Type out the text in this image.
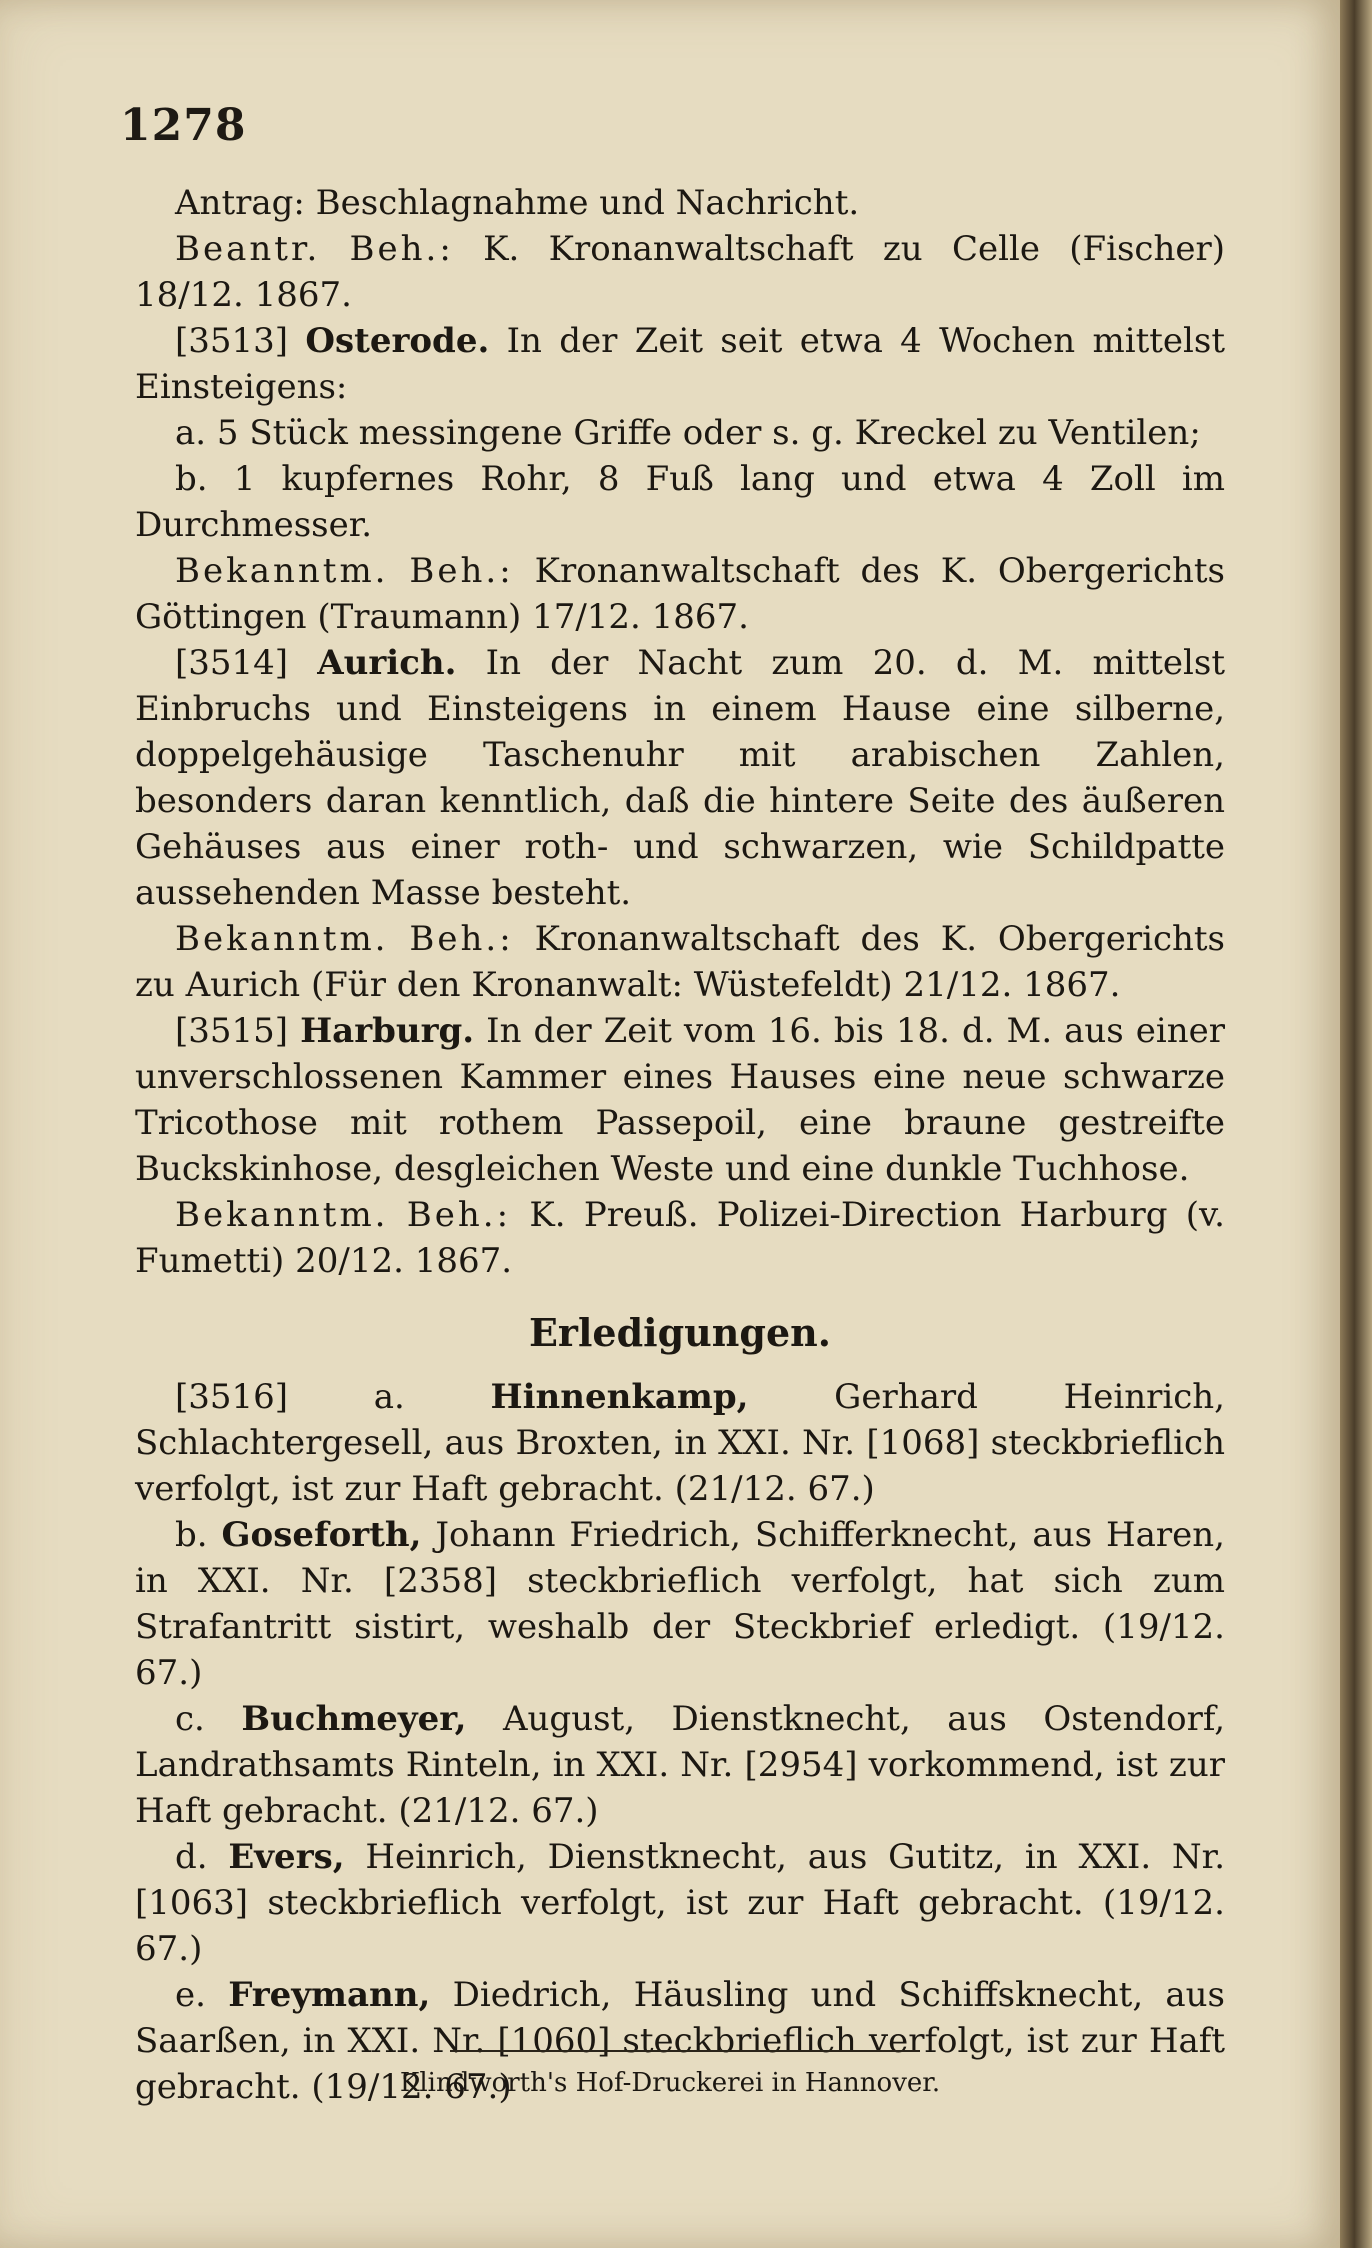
1278

Antrag: Beschlagnahme und Nachricht.

Beantr. Beh.: K. Kronanwaltschaft zu Celle (Fischer) 18/12. 1867.

[3513] Osterode. In der Zeit seit etwa 4 Wochen mittelst Einsteigens:

a. 5 Stück messingene Griffe oder s. g. Kreckel zu Ventilen;

b. 1 kupfernes Rohr, 8 Fuß lang und etwa 4 Zoll im Durchmesser.

Bekanntm. Beh.: Kronanwaltschaft des K. Obergerichts Göttingen (Traumann) 17/12. 1867.

[3514] Aurich. In der Nacht zum 20. d. M. mittelst Einbruchs und Einsteigens in einem Hause eine silberne, doppelgehäusige Taschenuhr mit arabischen Zahlen, besonders daran kenntlich, daß die hintere Seite des äußeren Gehäuses aus einer roth- und schwarzen, wie Schildpatte aussehenden Masse besteht.

Bekanntm. Beh.: Kronanwaltschaft des K. Obergerichts zu Aurich (Für den Kronanwalt: Wüstefeldt) 21/12. 1867.

[3515] Harburg. In der Zeit vom 16. bis 18. d. M. aus einer unverschlossenen Kammer eines Hauses eine neue schwarze Tricothose mit rothem Passepoil, eine braune gestreifte Buckskinhose, desgleichen Weste und eine dunkle Tuchhose.

Bekanntm. Beh.: K. Preuß. Polizei-Direction Harburg (v. Fumetti) 20/12. 1867.

Erledigungen.

[3516]	a.	Hinnenkamp,	Gerhard Heinrich, Schlachtergesell, aus Broxten, in XXI. Nr. [1068] steckbrieflich verfolgt, ist zur Haft gebracht. (21/12. 67.)

b. Goseforth, Johann Friedrich, Schifferknecht, aus Haren, in XXI. Nr. [2358] steckbrieflich verfolgt, hat sich zum Strafantritt sistirt, weshalb der Steckbrief erledigt. (19/12. 67.)

c. Buchmeyer, August, Dienstknecht, aus Ostendorf, Landrathsamts Rinteln, in XXI. Nr. [2954] vorkommend, ist zur Haft gebracht. (21/12. 67.)

d. Evers, Heinrich, Dienstknecht, aus Gutitz, in XXI. Nr. [1063] steckbrieflich verfolgt, ist zur Haft gebracht. (19/12. 67.)

e. Freymann, Diedrich, Häusling und Schiffsknecht, aus Saarßen, in XXI. Nr. [1060] steckbrieflich verfolgt, ist zur Haft gebracht. (19/12. 67.)

Klindworth's Hof-Druckerei in Hannover.
